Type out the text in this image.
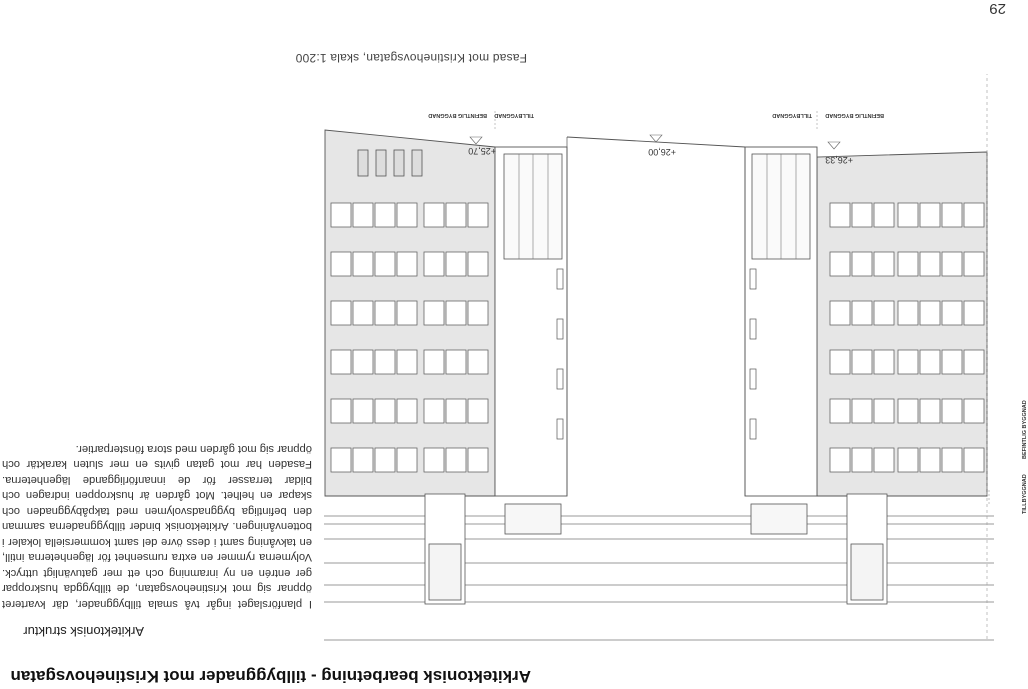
BEFINTLIG BYGGNAD
TILLBYGGNAD
TILLBYGGNAD
BEFINTLIG BYGGNAD
TILLBYGGNAD
BEFINTLIG BYGGNAD
+26,33
+26,00
+25,70
Fasad mot Kristinehovsgatan, skala 1:200
29
Arkitektonisk bearbetning - tillbyggnader mot Kristinehovsgatan
Arkitektonisk struktur

I planförslaget ingår två smala tillbyggnader, där kvarteret öppnar sig mot Kristinehovsgatan, de tillbyggda huskroppar ger entrén en ny inramning och ett mer gatuvänligt uttryck. Volymerna rymmer en extra rumsenhet för lägenheterna intill, en takvåning samt i dess övre del samt kommersiella lokaler i bottenvåningen. Arkitektonisk binder tillbyggnaderna samman den befintliga byggnadsvolymen med takpåbyggnaden och skapar en helhet. Mot gården är huskroppen indragen och bildar terrasser för de innanförliggande lägenheterna. Fasaden har mot gatan givits en mer sluten karaktär och öppnar sig mot gården med stora fönsterpartier.
